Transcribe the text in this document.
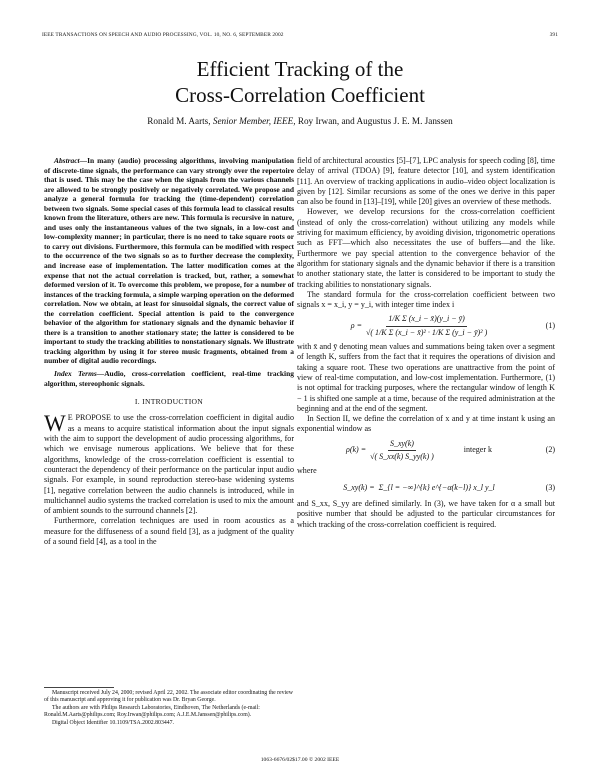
IEEE TRANSACTIONS ON SPEECH AND AUDIO PROCESSING, VOL. 10, NO. 6, SEPTEMBER 2002	391
Efficient Tracking of the
Cross-Correlation Coefficient
Ronald M. Aarts, Senior Member, IEEE, Roy Irwan, and Augustus J. E. M. Janssen

Abstract—In many (audio) processing algorithms, involving manipulation of discrete-time signals, the performance can vary strongly over the repertoire that is used. This may be the case when the signals from the various channels are allowed to be strongly positively or negatively correlated. We propose and analyze a general formula for tracking the (time-dependent) correlation between two signals. Some special cases of this formula lead to classical results known from the literature, others are new. This formula is recursive in nature, and uses only the instantaneous values of the two signals, in a low-cost and low-complexity manner; in particular, there is no need to take square roots or to carry out divisions. Furthermore, this formula can be modified with respect to the occurrence of the two signals so as to further decrease the complexity, and increase ease of implementation. The latter modification comes at the expense that not the actual correlation is tracked, but, rather, a somewhat deformed version of it. To overcome this problem, we propose, for a number of instances of the tracking formula, a simple warping operation on the deformed correlation. Now we obtain, at least for sinusoidal signals, the correct value of the correlation coefficient. Special attention is paid to the convergence behavior of the algorithm for stationary signals and the dynamic behavior if there is a transition to another stationary state; the latter is considered to be important to study the tracking abilities to nonstationary signals. We illustrate tracking algorithm by using it for stereo music fragments, obtained from a number of digital audio recordings.

Index Terms—Audio, cross-correlation coefficient, real-time tracking algorithm, stereophonic signals.

I. INTRODUCTION

W E PROPOSE to use the cross-correlation coefficient in digital audio as a means to acquire statistical information about the input signals with the aim to support the development of audio processing algorithms, for which we envisage numerous applications. We believe that for these algorithms, knowledge of the cross-correlation coefficient is essential to counteract the dependency of their performance on the particular input audio signals. For example, in sound reproduction stereo-base widening systems [1], negative correlation between the audio channels is introduced, while in multichannel audio systems the tracked correlation is used to mix the amount of ambient sounds to the surround channels [2].

Furthermore, correlation techniques are used in room acoustics as a measure for the diffuseness of a sound field [3], as a judgment of the quality of a sound field [4], as a tool in the

Manuscript received July 24, 2000; revised April 22, 2002. The associate editor coordinating the review of this manuscript and approving it for publication was Dr. Bryan George.

The authors are with Philips Research Laboratories, Eindhoven, The Netherlands (e-mail: Ronald.M.Aarts@philips.com; Roy.Irwan@philips.com; A.J.E.M.Janssen@philips.com).

Digital Object Identifier 10.1109/TSA.2002.803447.

field of architectural acoustics [5]–[7], LPC analysis for speech coding [8], time delay of arrival (TDOA) [9], feature detector [10], and system identification [11]. An overview of tracking applications in audio–video object localization is given by [12]. Similar recursions as some of the ones we derive in this paper can also be found in [13]–[19], while [20] gives an overview of these methods.

However, we develop recursions for the cross-correlation coefficient (instead of only the cross-correlation) without utilizing any models while striving for maximum efficiency, by avoiding division, trigonometric operations such as FFT—which also necessitates the use of buffers—and the like. Furthermore we pay special attention to the convergence behavior of the algorithm for stationary signals and the dynamic behavior if there is a transition to another stationary state, the latter is considered to be important to study the tracking abilities to nonstationary signals.

The standard formula for the cross-correlation coefficient between two signals x = x_i, y = y_i, with integer time index i

$\rho = \frac{\text{1/K Σ (x\_i − x̄)(y\_i − ȳ)}}{\text{√( 1/K Σ (x\_i − x̄)² · 1/K Σ (y\_i − ȳ)² )}}$	(1)

with x̄ and ȳ denoting mean values and summations being taken over a segment of length K, suffers from the fact that it requires the operations of division and taking a square root. These two operations are unattractive from the point of view of real-time computation, and low-cost implementation. Furthermore, (1) is not optimal for tracking purposes, where the rectangular window of length K − 1 is shifted one sample at a time, because of the required administration at the beginning and at the end of the segment.

In Section II, we define the correlation of x and y at time instant k using an exponential window as

$\rho(k) = \frac{S\_xy(k)}{√( S\_xx(k) S\_yy(k) )}$	integer k	(2)

where

S_xy(k) = Σ_{l = −∞}^{k} e^{−α(k−l)} x_l y_l	(3)

and S_xx, S_yy are defined similarly. In (3), we have taken for α a small but positive number that should be adjusted to the particular circumstances for which tracking of the cross-correlation coefficient is required.

1063-6676/02$17.00 © 2002 IEEE
